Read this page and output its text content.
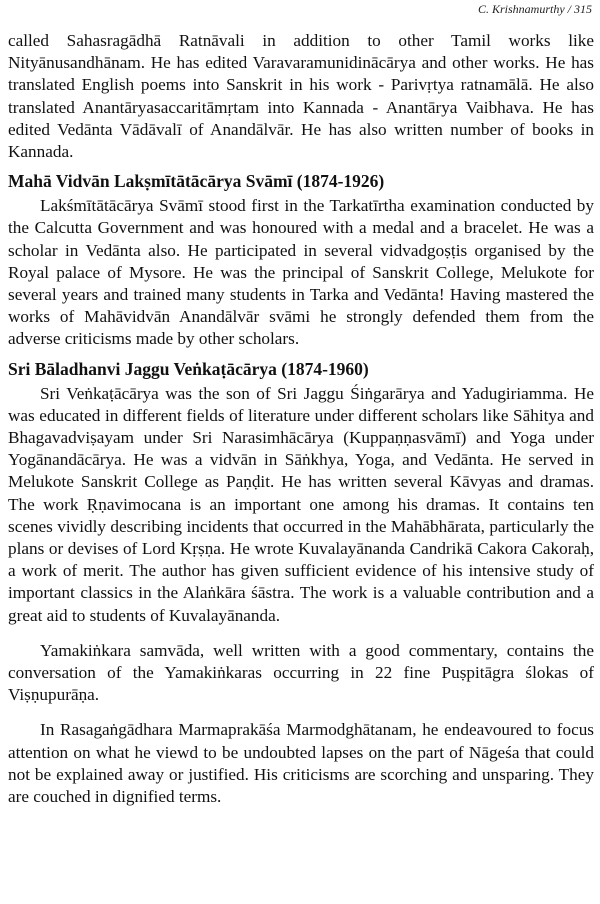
C. Krishnamurthy / 315

called Sahasragādhā Ratnāvali in addition to other Tamil works like Nityānusandhānam. He has edited Varavaramunidinācārya and other works. He has translated English poems into Sanskrit in his work - Parivṛtya ratnamālā. He also translated Anantāryasaccaritāmṛtam into Kannada - Anantārya Vaibhava. He has edited Vedānta Vādāvalī of Anandālvār. He has also written number of books in Kannada.

Mahā Vidvān Lakṣmītātācārya Svāmī (1874-1926)

Lakśmītātācārya Svāmī stood first in the Tarkatīrtha examination conducted by the Calcutta Government and was honoured with a medal and a bracelet. He was a scholar in Vedānta also. He participated in several vidvadgoṣṭis organised by the Royal palace of Mysore. He was the principal of Sanskrit College, Melukote for several years and trained many students in Tarka and Vedānta! Having mastered the works of Mahāvidvān Anandālvār svāmi he strongly defended them from the adverse criticisms made by other scholars.

Sri Bāladhanvi Jaggu Veṅkaṭācārya (1874-1960)

Sri Veṅkaṭācārya was the son of Sri Jaggu Śiṅgarārya and Yadugiriamma. He was educated in different fields of literature under different scholars like Sāhitya and Bhagavadviṣayam under Sri Narasimhācārya (Kuppaṇṇasvāmī) and Yoga under Yogānandācārya. He was a vidvān in Sāṅkhya, Yoga, and Vedānta. He served in Melukote Sanskrit College as Paṇḍit. He has written several Kāvyas and dramas. The work Ṛṇavimocana is an important one among his dramas. It contains ten scenes vividly describing incidents that occurred in the Mahābhārata, particularly the plans or devises of Lord Kṛṣṇa. He wrote Kuvalayānanda Candrikā Cakora Cakoraḥ, a work of merit. The author has given sufficient evidence of his intensive study of important classics in the Alaṅkāra śāstra. The work is a valuable contribution and a great aid to students of Kuvalayānanda.

Yamakiṅkara samvāda, well written with a good commentary, contains the conversation of the Yamakiṅkaras occurring in 22 fine Puṣpitāgra ślokas of Viṣṇupurāṇa.

In Rasagaṅgādhara Marmaprakāśa Marmodghātanam, he endeavoured to focus attention on what he viewd to be undoubted lapses on the part of Nāgeśa that could not be explained away or justified. His criticisms are scorching and unsparing. They are couched in dignified terms.
